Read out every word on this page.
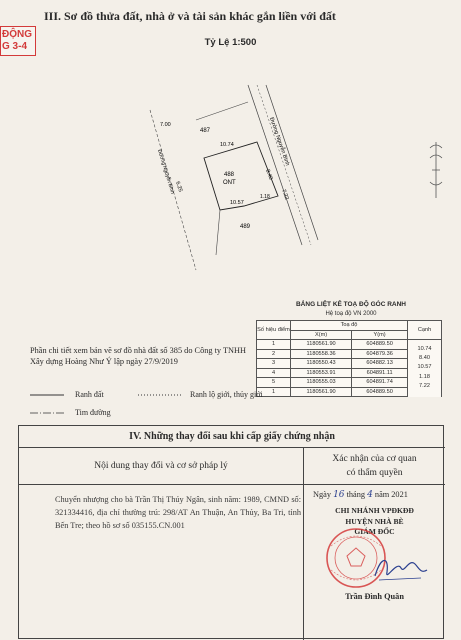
ĐỘNG
G 3-4
III. Sơ đồ thửa đất, nhà ở và tài sản khác gắn liền với đất
Tỷ Lệ 1:500
487
488
ONT
489
10.74
10.57
7.00
6.25
8.40
7.22
1.18
Đường Nguyễn Bình
Đường Nguyễn Bình
BẢNG LIỆT KÊ TOẠ ĐỘ GÓC RANH
Hệ toạ độ VN 2000
Số hiệu điểm	Toạ độ		Cạnh
	X(m)	Y(m)	
1	1180561.90	604889.50	10.74

2	1180558.36	604879.36	8.40

3	1180550.43	604882.13	10.57

4	1180553.91	604891.11	1.18

5	1180555.03	604891.74	7.22

1	1180561.90	604889.50	
Phần chi tiết xem bản vẽ sơ đồ nhà đất số 385 do Công ty TNHH Xây dựng Hoàng Như Ý lập ngày 27/9/2019
Ranh đất	Ranh lộ giới, thủy giới
Tim đường
IV. Những thay đổi sau khi cấp giấy chứng nhận
Nội dung thay đổi và cơ sở pháp lý
Xác nhận của cơ quan
có thẩm quyền
Chuyển nhượng cho bà Trần Thị Thúy Ngân, sinh năm: 1989, CMND số: 321334416, địa chỉ thường trú: 298/AT An Thuận, An Thủy, Ba Tri, tỉnh Bến Tre; theo hồ sơ số 035155.CN.001
Ngày 16 tháng 4 năm 2021
CHI NHÁNH VPĐKĐĐ
HUYỆN NHÀ BÈ
GIÁM ĐỐC
Trần Đình Quân
